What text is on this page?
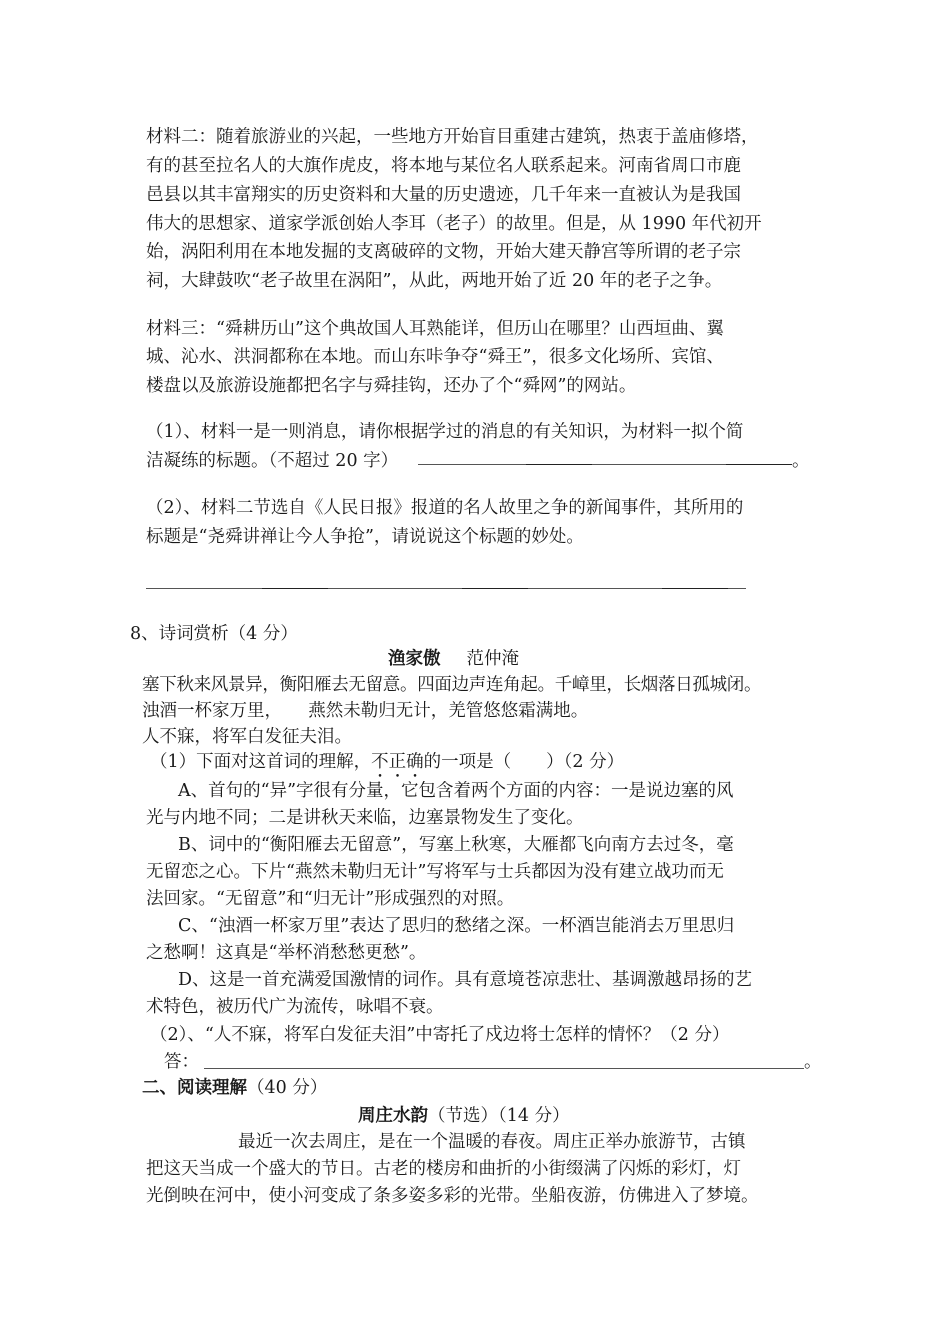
材料二：随着旅游业的兴起，一些地方开始盲目重建古建筑，热衷于盖庙修塔，
有的甚至拉名人的大旗作虎皮，将本地与某位名人联系起来。河南省周口市鹿
邑县以其丰富翔实的历史资料和大量的历史遗迹，几千年来一直被认为是我国
伟大的思想家、道家学派创始人李耳（老子）的故里。但是，从 1990 年代初开
始，涡阳利用在本地发掘的支离破碎的文物，开始大建天静宫等所谓的老子宗
祠，大肆鼓吹“老子故里在涡阳”，从此，两地开始了近 20 年的老子之争。
材料三：“舜耕历山”这个典故国人耳熟能详，但历山在哪里？山西垣曲、翼
城、沁水、洪洞都称在本地。而山东咔争夺“舜王”，很多文化场所、宾馆、
楼盘以及旅游设施都把名字与舜挂钩，还办了个“舜网”的网站。
（1）、材料一是一则消息，请你根据学过的消息的有关知识，为材料一拟个简
洁凝练的标题。（不超过 20 字）	。
（2）、材料二节选自《人民日报》报道的名人故里之争的新闻事件，其所用的
标题是“尧舜讲禅让今人争抢”，请说说这个标题的妙处。
8、诗词赏析（4 分）
渔家傲 范仲淹
塞下秋来风景异，衡阳雁去无留意。四面边声连角起。千嶂里，长烟落日孤城闭。
浊酒一杯家万里，　　燕然未勒归无计，羌管悠悠霜满地。
人不寐，将军白发征夫泪。
（1）下面对这首词的理解，不正确的一项是（　　）（2 分）
A、首句的“异”字很有分量，它包含着两个方面的内容：一是说边塞的风
光与内地不同；二是讲秋天来临，边塞景物发生了变化。
B、词中的“衡阳雁去无留意”，写塞上秋寒，大雁都飞向南方去过冬，毫
无留恋之心。下片“燕然未勒归无计”写将军与士兵都因为没有建立战功而无
法回家。“无留意”和“归无计”形成强烈的对照。
C、“浊酒一杯家万里”表达了思归的愁绪之深。一杯酒岂能消去万里思归
之愁啊！这真是“举杯消愁愁更愁”。
D、这是一首充满爱国激情的词作。具有意境苍凉悲壮、基调激越昂扬的艺
术特色，被历代广为流传，咏唱不衰。
（2）、“人不寐，将军白发征夫泪”中寄托了戍边将士怎样的情怀？（2 分）
答：	。
二、阅读理解（40 分）
周庄水韵（节选）（14 分）
最近一次去周庄，是在一个温暖的春夜。周庄正举办旅游节，古镇
把这天当成一个盛大的节日。古老的楼房和曲折的小街缀满了闪烁的彩灯，灯
光倒映在河中，使小河变成了条多姿多彩的光带。坐船夜游，仿佛进入了梦境。
